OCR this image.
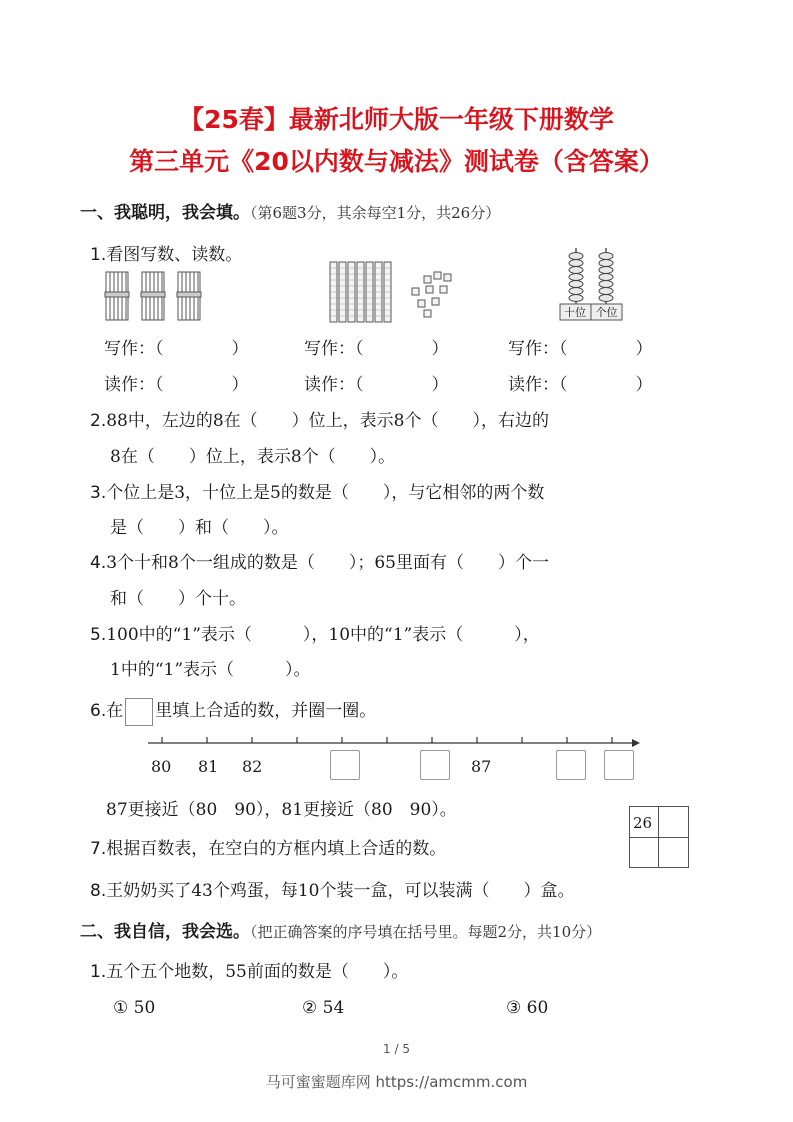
【25春】最新北师大版一年级下册数学
第三单元《20以内数与减法》测试卷（含答案）
一、我聪明，我会填。（第6题3分，其余每空1分，共26分）
1.看图写数、读数。
十位 个位
写作：（　　　　）	写作：（　　　　）	写作：（　　　　）
读作：（　　　　）	读作：（　　　　）	读作：（　　　　）
2.88中，左边的8在（　　）位上，表示8个（　　），右边的
8在（　　）位上，表示8个（　　）。
3.个位上是3，十位上是5的数是（　　），与它相邻的两个数
是（　　）和（　　）。
4.3个十和8个一组成的数是（　　）；65里面有（　　）个一
和（　　）个十。
5.100中的“1”表示（　　　），10中的“1”表示（　　　），
1中的“1”表示（　　　）。
6.在 里填上合适的数，并圈一圈。
80 81 82	87
87更接近（80　90），81更接近（80　90）。
7.根据百数表，在空白的方框内填上合适的数。
26
8.王奶奶买了43个鸡蛋，每10个装一盒，可以装满（　　）盒。
二、我自信，我会选。（把正确答案的序号填在括号里。每题2分，共10分）
1.五个五个地数，55前面的数是（　　）。
① 50	② 54	③ 60
1 / 5
马可蜜蜜题库网 https://amcmm.com
